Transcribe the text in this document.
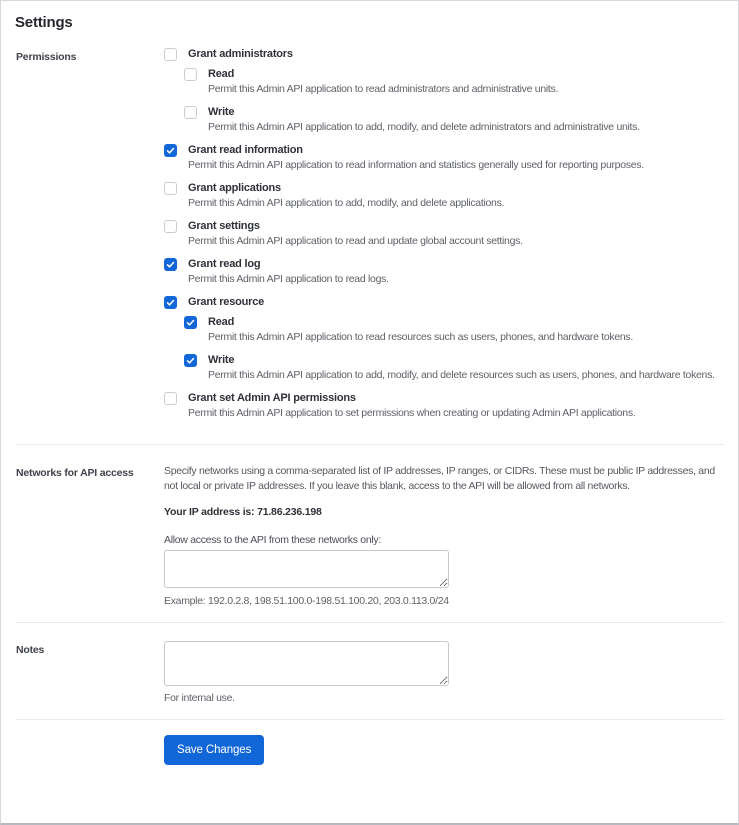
Settings
Permissions	Grant administrators
Read
Permit this Admin API application to read administrators and administrative units.
Write
Permit this Admin API application to add, modify, and delete administrators and administrative units.
Grant read information
Permit this Admin API application to read information and statistics generally used for reporting purposes.
Grant applications
Permit this Admin API application to add, modify, and delete applications.
Grant settings
Permit this Admin API application to read and update global account settings.
Grant read log
Permit this Admin API application to read logs.
Grant resource
Read
Permit this Admin API application to read resources such as users, phones, and hardware tokens.
Write
Permit this Admin API application to add, modify, and delete resources such as users, phones, and hardware tokens.
Grant set Admin API permissions
Permit this Admin API application to set permissions when creating or updating Admin API applications.
Networks for API access	Specify networks using a comma-separated list of IP addresses, IP ranges, or CIDRs. These must be public IP addresses, and not local or private IP addresses. If you leave this blank, access to the API will be allowed from all networks.

Your IP address is: 71.86.236.198

Allow access to the API from these networks only:

Example: 192.0.2.8, 198.51.100.0-198.51.100.20, 203.0.113.0/24

Notes

For internal use.

Save Changes
